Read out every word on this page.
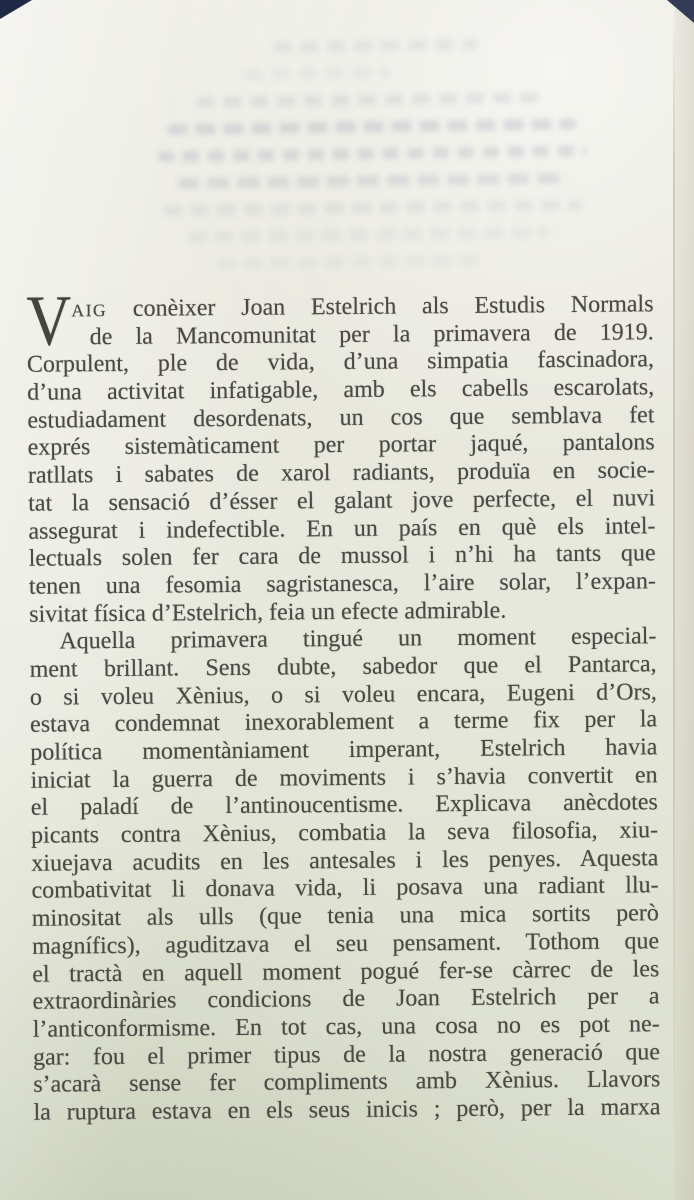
V AIG conèixer Joan Estelrich als Estudis Normals
de la Mancomunitat per la primavera de 1919.
Corpulent, ple de vida, d’una simpatia fascinadora,
d’una activitat infatigable, amb els cabells escarolats,
estudiadament desordenats, un cos que semblava fet
exprés sistemàticament per portar jaqué, pantalons
ratllats i sabates de xarol radiants, produïa en socie-
tat la sensació d’ésser el galant jove perfecte, el nuvi
assegurat i indefectible. En un país en què els intel-
lectuals solen fer cara de mussol i n’hi ha tants que
tenen una fesomia sagristanesca, l’aire solar, l’expan-
sivitat física d’Estelrich, feia un efecte admirable.
Aquella primavera tingué un moment especial-
ment brillant. Sens dubte, sabedor que el Pantarca,
o si voleu Xènius, o si voleu encara, Eugeni d’Ors,
estava condemnat inexorablement a terme fix per la
política momentàniament imperant, Estelrich havia
iniciat la guerra de moviments i s’havia convertit en
el paladí de l’antinoucentisme. Explicava anècdotes
picants contra Xènius, combatia la seva filosofia, xiu-
xiuejava acudits en les antesales i les penyes. Aquesta
combativitat li donava vida, li posava una radiant llu-
minositat als ulls (que tenia una mica sortits però
magnífics), aguditzava el seu pensament. Tothom que
el tractà en aquell moment pogué fer-se càrrec de les
extraordinàries condicions de Joan Estelrich per a
l’anticonformisme. En tot cas, una cosa no es pot ne-
gar: fou el primer tipus de la nostra generació que
s’acarà sense fer compliments amb Xènius. Llavors
la ruptura estava en els seus inicis ; però, per la marxa
